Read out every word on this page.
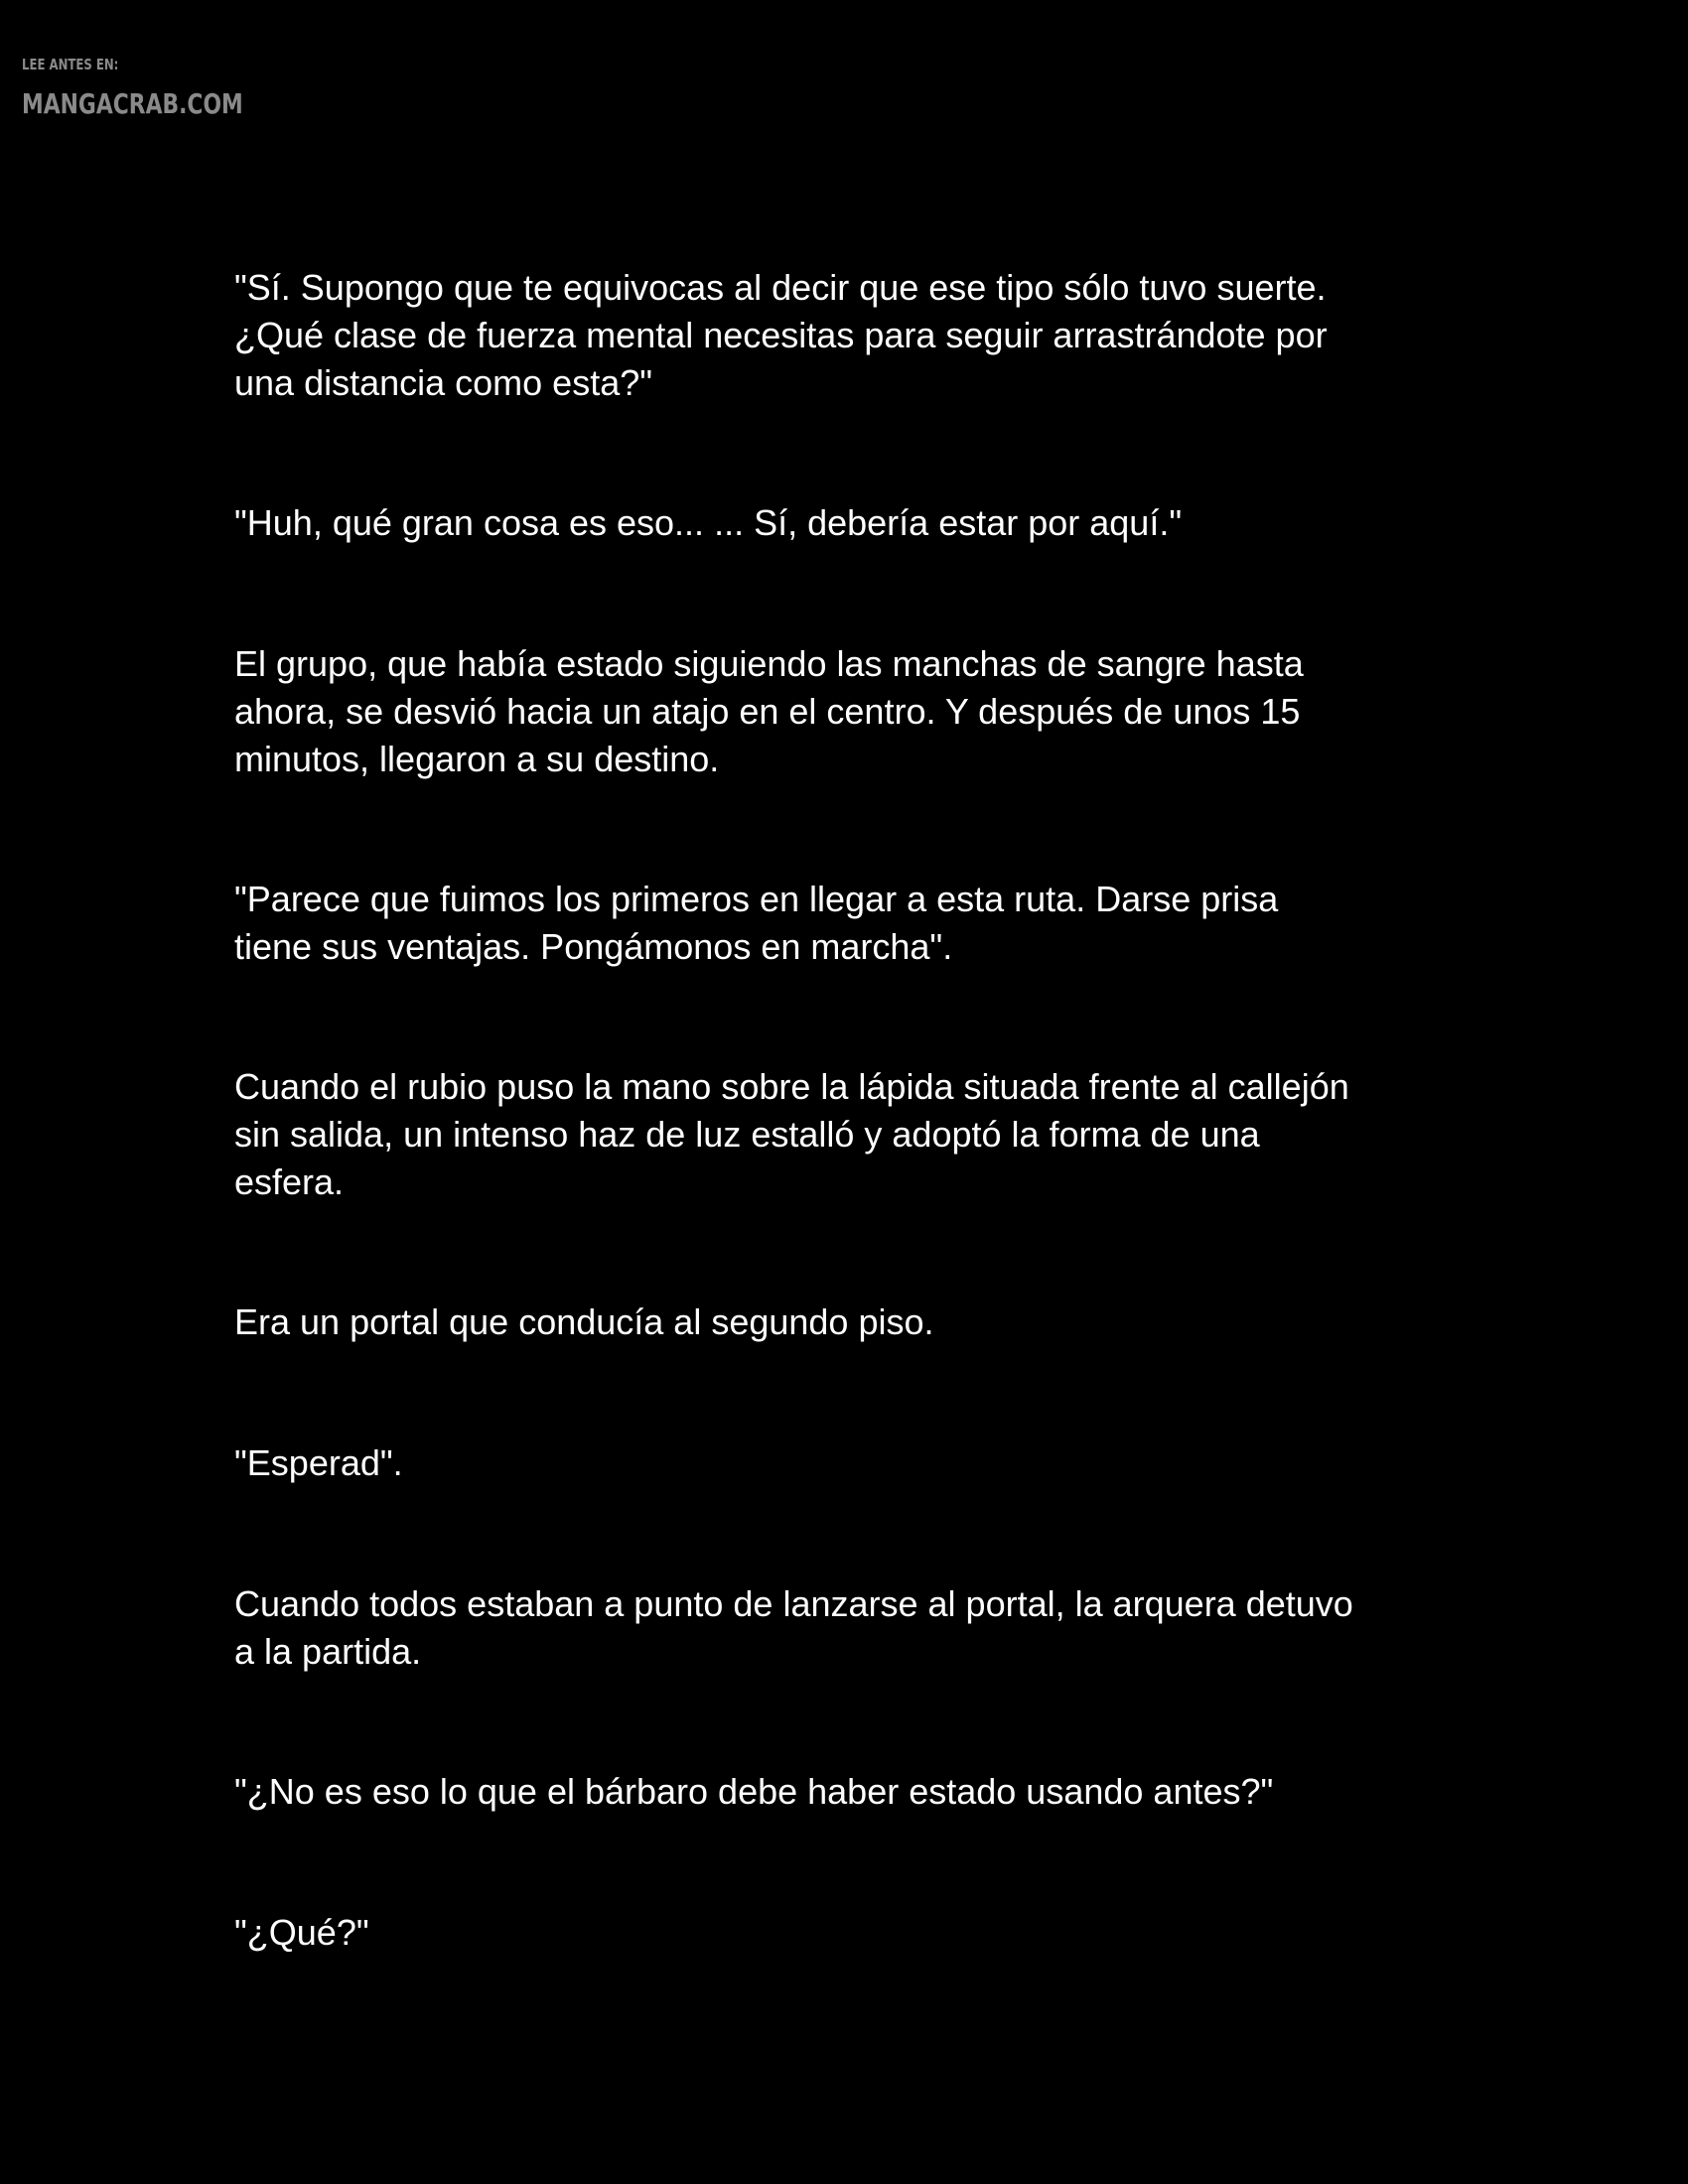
LEE ANTES EN:
MANGACRAB.COM

"Sí. Supongo que te equivocas al decir que ese tipo sólo tuvo suerte.
¿Qué clase de fuerza mental necesitas para seguir arrastrándote por
una distancia como esta?"

"Huh, qué gran cosa es eso... ... Sí, debería estar por aquí."

El grupo, que había estado siguiendo las manchas de sangre hasta
ahora, se desvió hacia un atajo en el centro. Y después de unos 15
minutos, llegaron a su destino.

"Parece que fuimos los primeros en llegar a esta ruta. Darse prisa
tiene sus ventajas. Pongámonos en marcha".

Cuando el rubio puso la mano sobre la lápida situada frente al callejón
sin salida, un intenso haz de luz estalló y adoptó la forma de una
esfera.

Era un portal que conducía al segundo piso.

"Esperad".

Cuando todos estaban a punto de lanzarse al portal, la arquera detuvo
a la partida.

"¿No es eso lo que el bárbaro debe haber estado usando antes?"

"¿Qué?"
